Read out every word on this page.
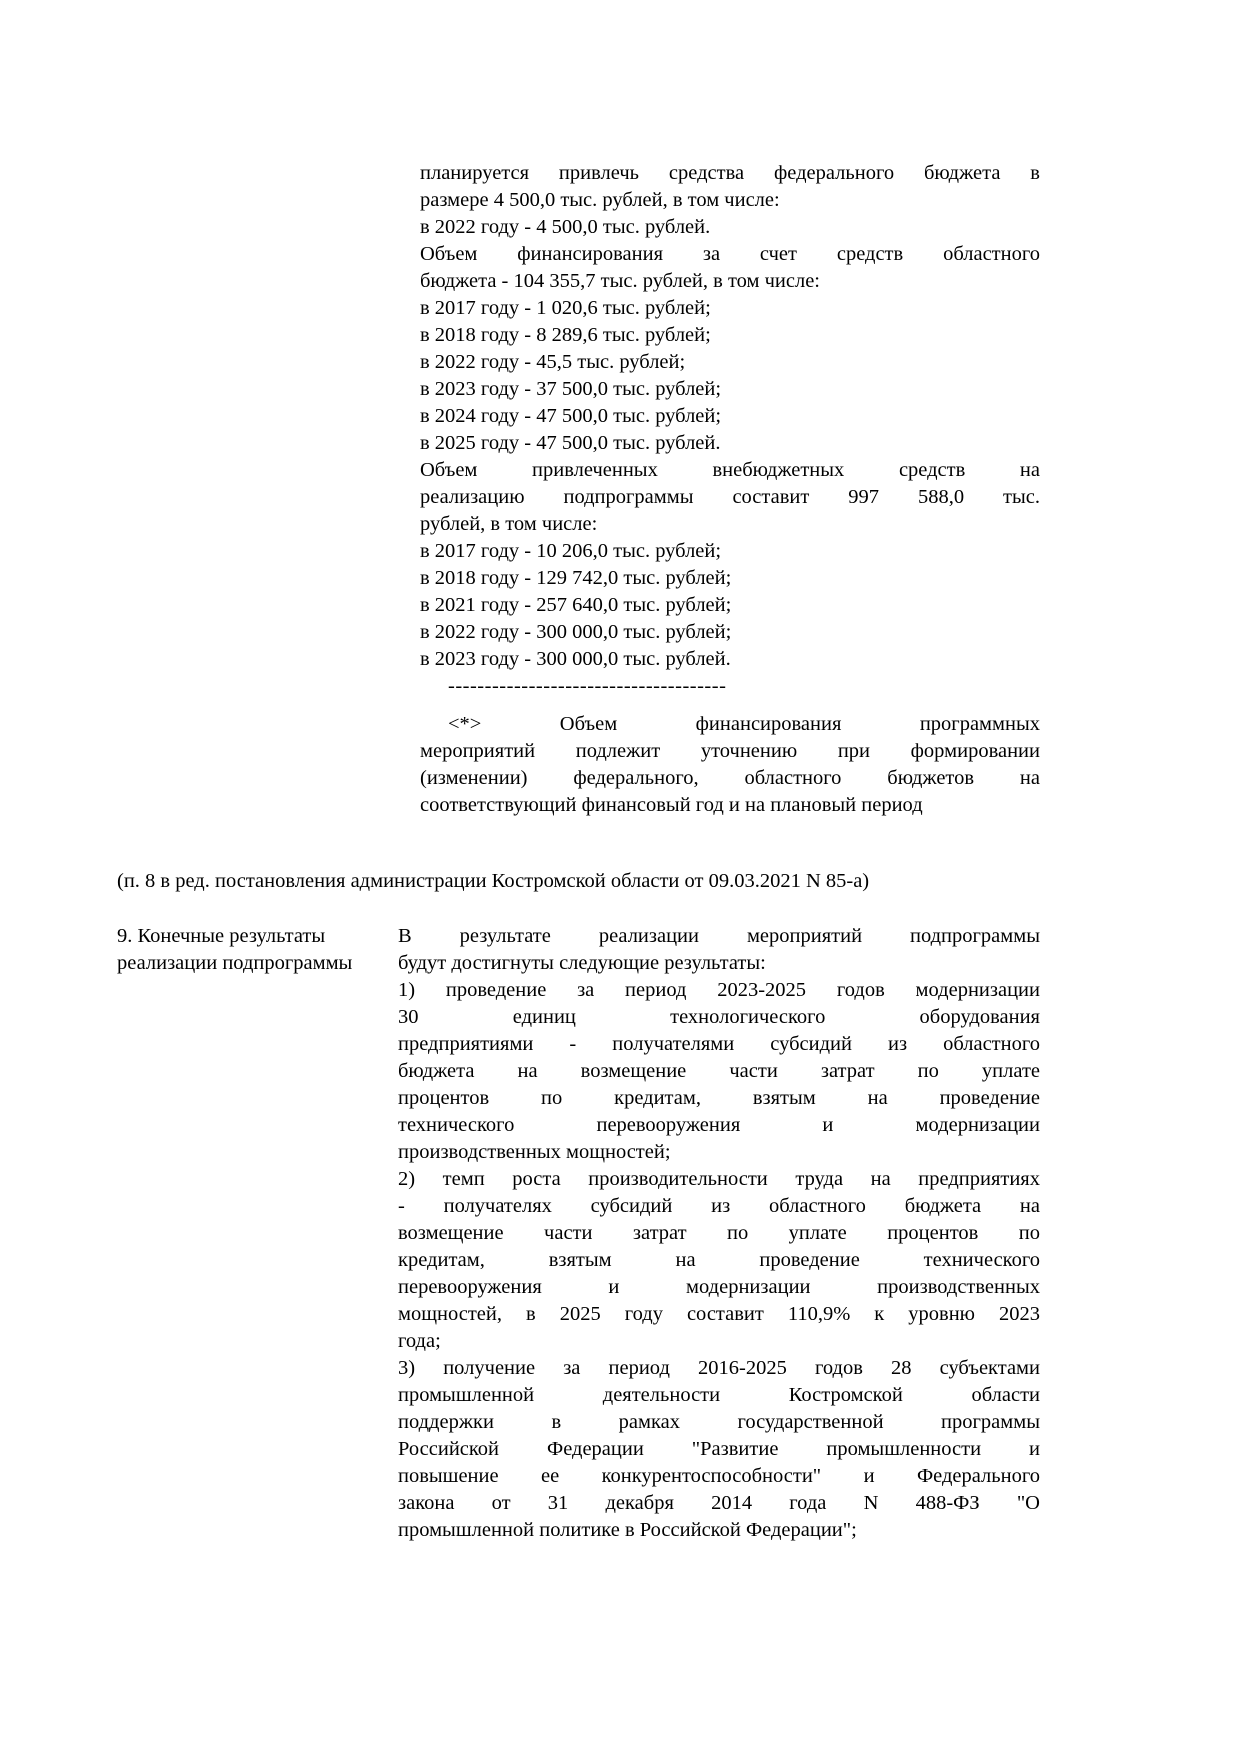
планируется привлечь средства федерального бюджета в
размере 4 500,0 тыс. рублей, в том числе:
в 2022 году - 4 500,0 тыс. рублей.
Объем финансирования за счет средств областного
бюджета - 104 355,7 тыс. рублей, в том числе:
в 2017 году - 1 020,6 тыс. рублей;
в 2018 году - 8 289,6 тыс. рублей;
в 2022 году - 45,5 тыс. рублей;
в 2023 году - 37 500,0 тыс. рублей;
в 2024 году - 47 500,0 тыс. рублей;
в 2025 году - 47 500,0 тыс. рублей.
Объем привлеченных внебюджетных средств на
реализацию подпрограммы составит 997 588,0 тыс.
рублей, в том числе:
в 2017 году - 10 206,0 тыс. рублей;
в 2018 году - 129 742,0 тыс. рублей;
в 2021 году - 257 640,0 тыс. рублей;
в 2022 году - 300 000,0 тыс. рублей;
в 2023 году - 300 000,0 тыс. рублей.
--------------------------------------
<*> Объем финансирования программных
мероприятий подлежит уточнению при формировании
(изменении) федерального, областного бюджетов на
соответствующий финансовый год и на плановый период
(п. 8 в ред. постановления администрации Костромской области от 09.03.2021 N 85-а)
9. Конечные результаты реализации подпрограммы
В результате реализации мероприятий подпрограммы
будут достигнуты следующие результаты:
1) проведение за период 2023-2025 годов модернизации
30 единиц технологического оборудования
предприятиями - получателями субсидий из областного
бюджета на возмещение части затрат по уплате
процентов по кредитам, взятым на проведение
технического перевооружения и модернизации
производственных мощностей;
2) темп роста производительности труда на предприятиях
- получателях субсидий из областного бюджета на
возмещение части затрат по уплате процентов по
кредитам, взятым на проведение технического
перевооружения и модернизации производственных
мощностей, в 2025 году составит 110,9% к уровню 2023
года;
3) получение за период 2016-2025 годов 28 субъектами
промышленной деятельности Костромской области
поддержки в рамках государственной программы
Российской Федерации "Развитие промышленности и
повышение ее конкурентоспособности" и Федерального
закона от 31 декабря 2014 года N 488-ФЗ "О
промышленной политике в Российской Федерации";
